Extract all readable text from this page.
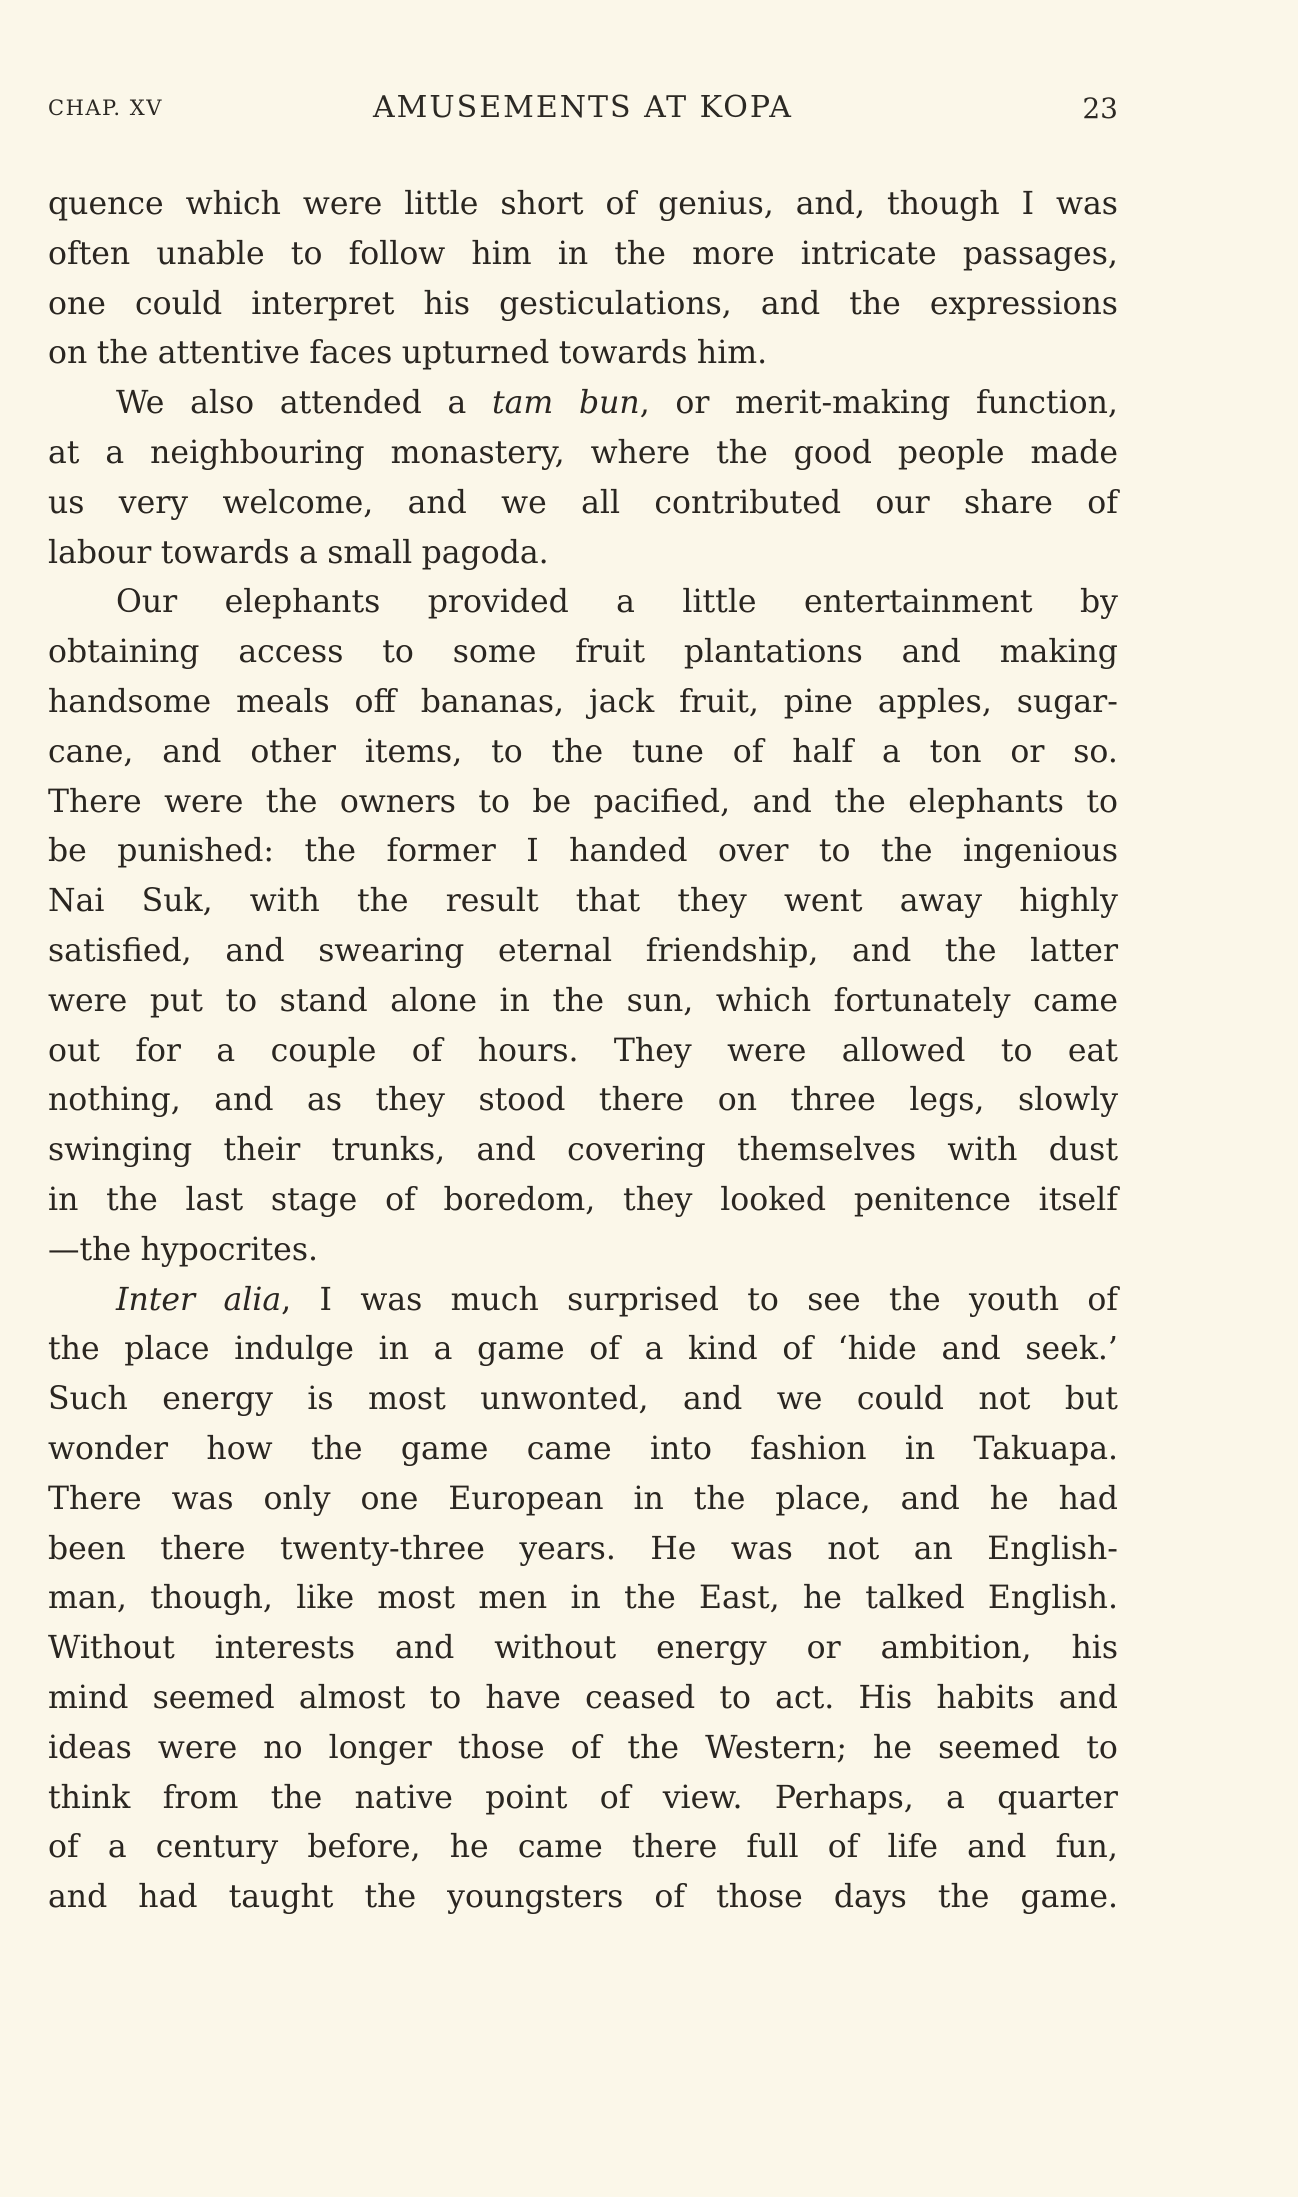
CHAP. XV	AMUSEMENTS AT KOPA	23
quence which were little short of genius, and, though I was
often unable to follow him in the more intricate passages,
one could interpret his gesticulations, and the expressions
on the attentive faces upturned towards him.
We also attended a tam bun, or merit-making function,
at a neighbouring monastery, where the good people made
us very welcome, and we all contributed our share of
labour towards a small pagoda.
Our elephants provided a little entertainment by
obtaining access to some fruit plantations and making
handsome meals off bananas, jack fruit, pine apples, sugar-
cane, and other items, to the tune of half a ton or so.
There were the owners to be pacified, and the elephants to
be punished: the former I handed over to the ingenious
Nai Suk, with the result that they went away highly
satisfied, and swearing eternal friendship, and the latter
were put to stand alone in the sun, which fortunately came
out for a couple of hours. They were allowed to eat
nothing, and as they stood there on three legs, slowly
swinging their trunks, and covering themselves with dust
in the last stage of boredom, they looked penitence itself
—the hypocrites.
Inter alia, I was much surprised to see the youth of
the place indulge in a game of a kind of ‘hide and seek.’
Such energy is most unwonted, and we could not but
wonder how the game came into fashion in Takuapa.
There was only one European in the place, and he had
been there twenty-three years. He was not an English-
man, though, like most men in the East, he talked English.
Without interests and without energy or ambition, his
mind seemed almost to have ceased to act. His habits and
ideas were no longer those of the Western; he seemed to
think from the native point of view. Perhaps, a quarter
of a century before, he came there full of life and fun,
and had taught the youngsters of those days the game.
